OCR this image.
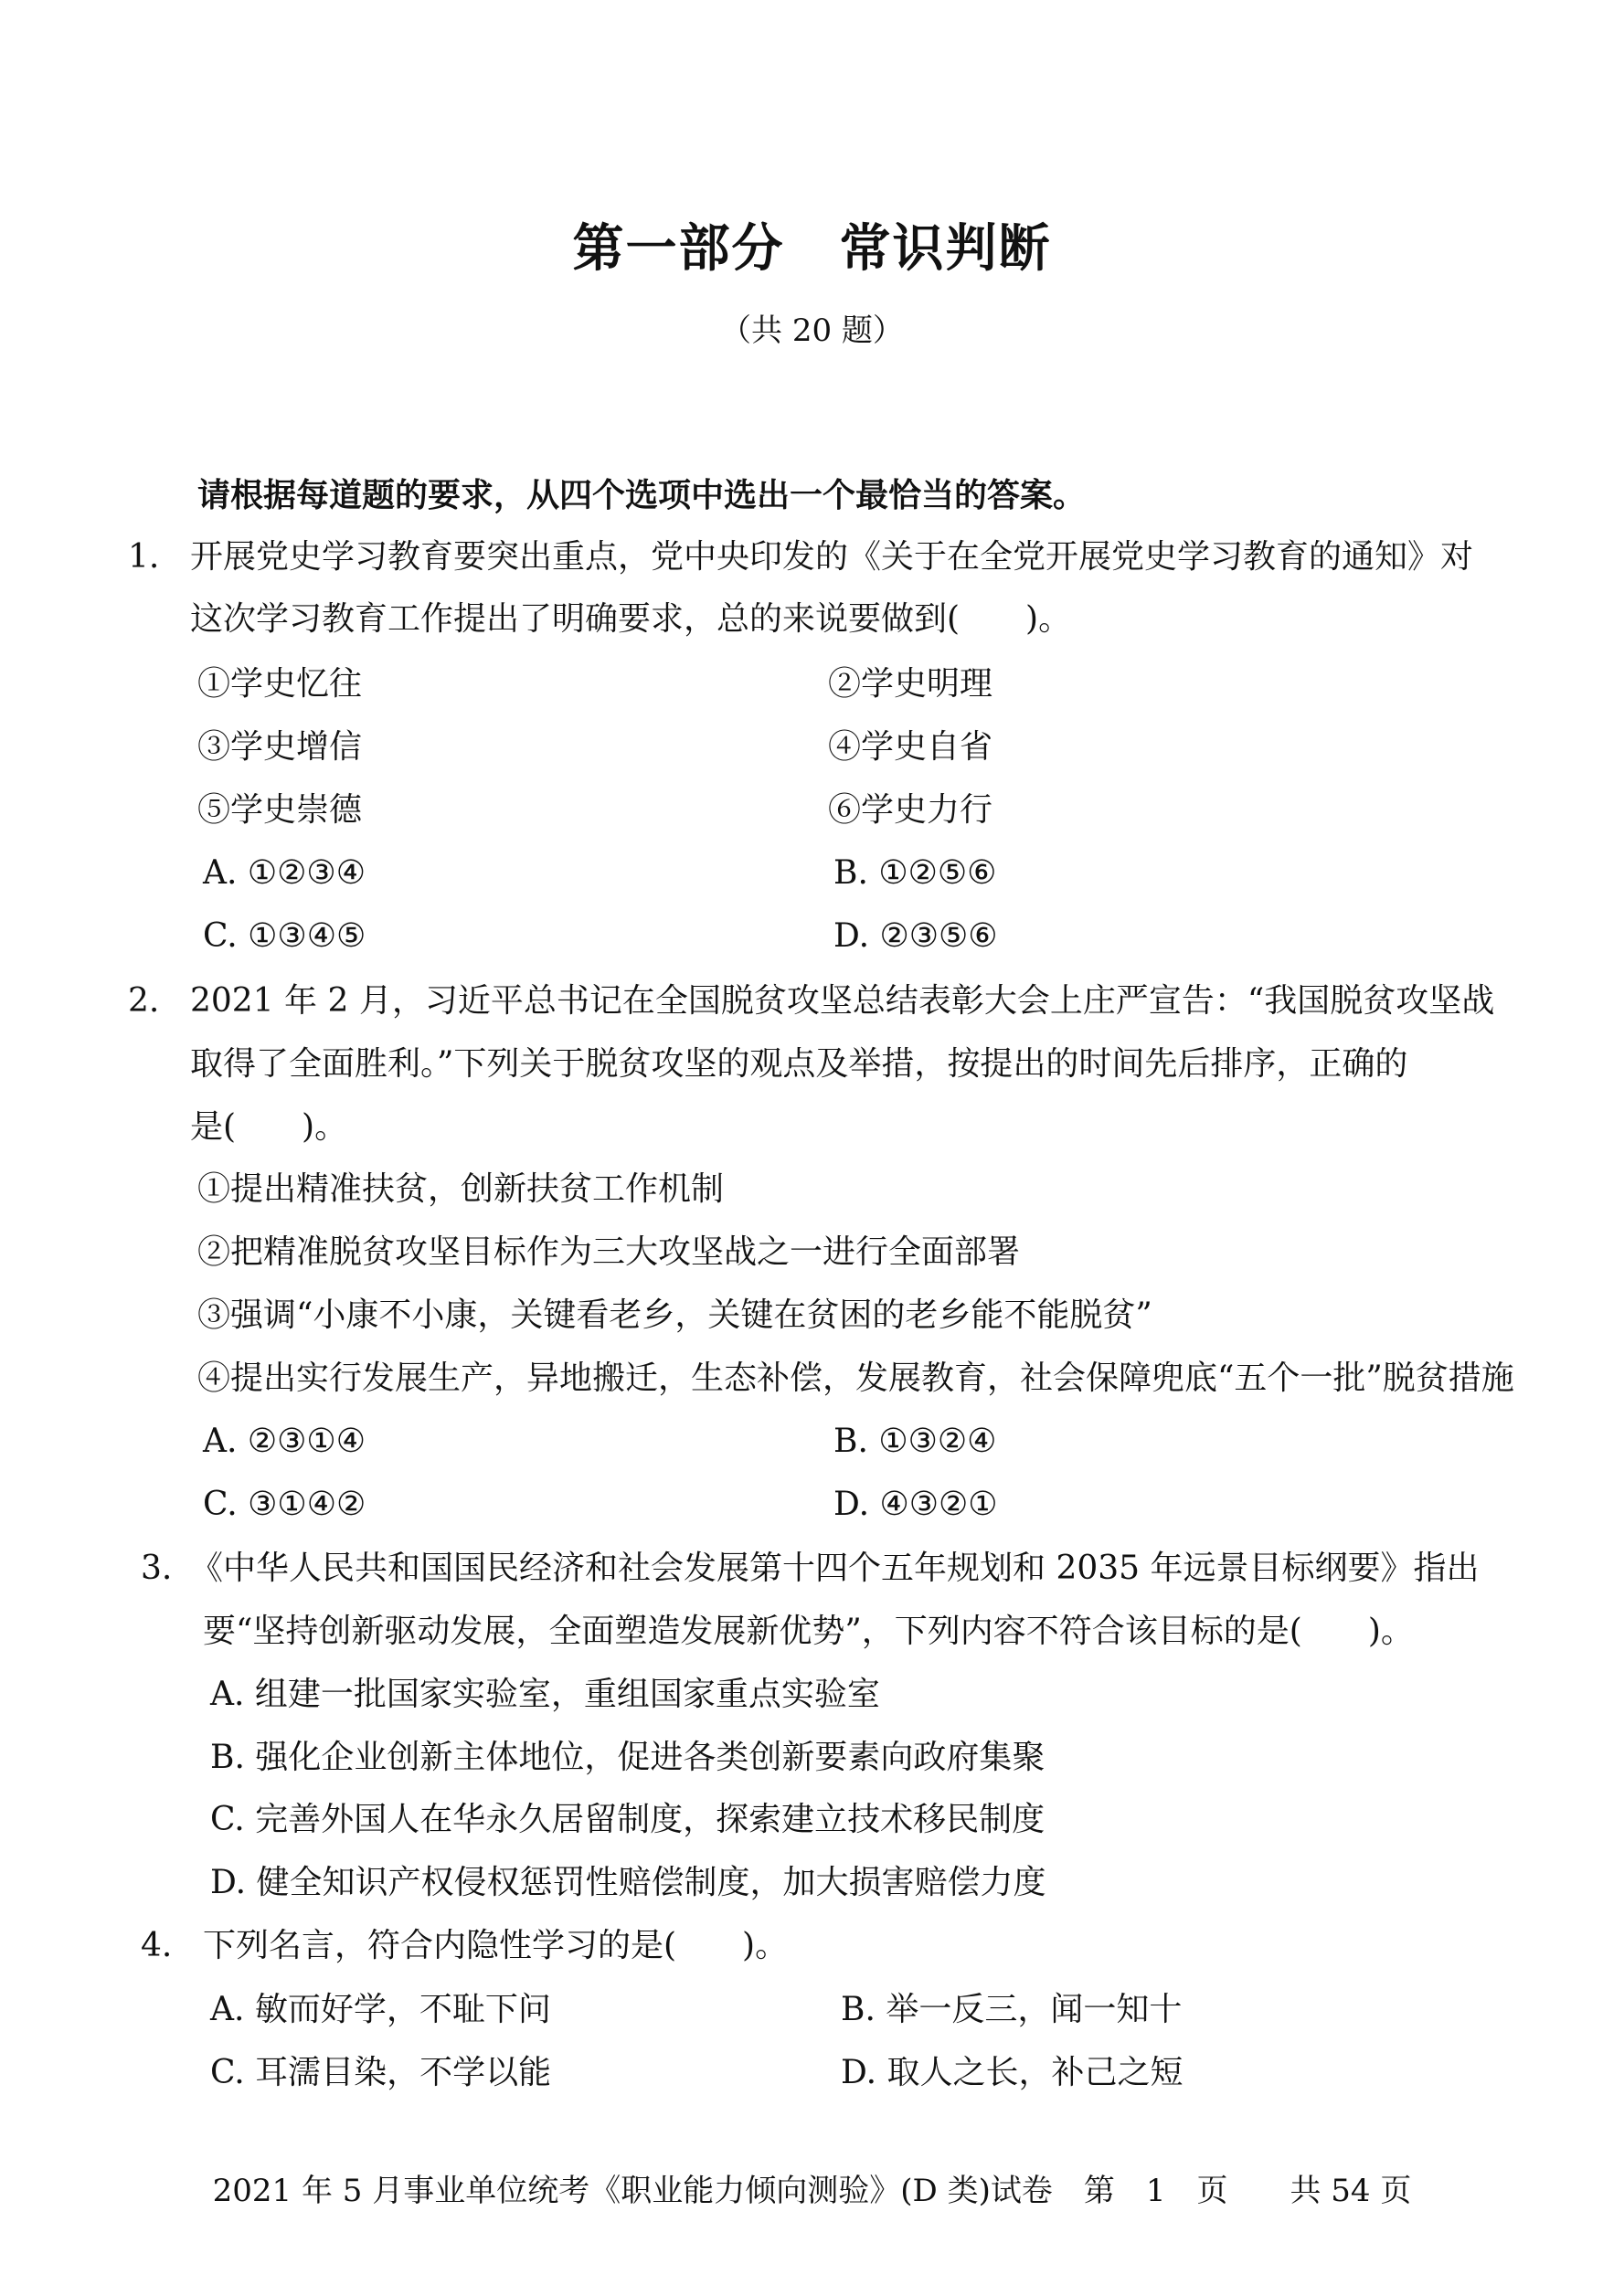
第一部分 常识判断
（共 20 题）
请根据每道题的要求，从四个选项中选出一个最恰当的答案。
1. 开展党史学习教育要突出重点，党中央印发的《关于在全党开展党史学习教育的通知》对
这次学习教育工作提出了明确要求，总的来说要做到(　　)。
①学史忆往	②学史明理
③学史增信	④学史自省
⑤学史崇德	⑥学史力行
A. ①②③④	B. ①②⑤⑥
C. ①③④⑤	D. ②③⑤⑥
2. 2021 年 2 月，习近平总书记在全国脱贫攻坚总结表彰大会上庄严宣告：“我国脱贫攻坚战
取得了全面胜利。”下列关于脱贫攻坚的观点及举措，按提出的时间先后排序，正确的
是(　　)。
①提出精准扶贫，创新扶贫工作机制
②把精准脱贫攻坚目标作为三大攻坚战之一进行全面部署
③强调“小康不小康，关键看老乡，关键在贫困的老乡能不能脱贫”
④提出实行发展生产，异地搬迁，生态补偿，发展教育，社会保障兜底“五个一批”脱贫措施
A. ②③①④	B. ①③②④
C. ③①④②	D. ④③②①
3. 《中华人民共和国国民经济和社会发展第十四个五年规划和 2035 年远景目标纲要》指出
要“坚持创新驱动发展，全面塑造发展新优势”，下列内容不符合该目标的是(　　)。
A. 组建一批国家实验室，重组国家重点实验室
B. 强化企业创新主体地位，促进各类创新要素向政府集聚
C. 完善外国人在华永久居留制度，探索建立技术移民制度
D. 健全知识产权侵权惩罚性赔偿制度，加大损害赔偿力度
4. 下列名言，符合内隐性学习的是(　　)。
A. 敏而好学，不耻下问	B. 举一反三，闻一知十
C. 耳濡目染，不学以能	D. 取人之长，补己之短
2021 年 5 月事业单位统考《职业能力倾向测验》(D 类)试卷　第　1　页　　共 54 页
